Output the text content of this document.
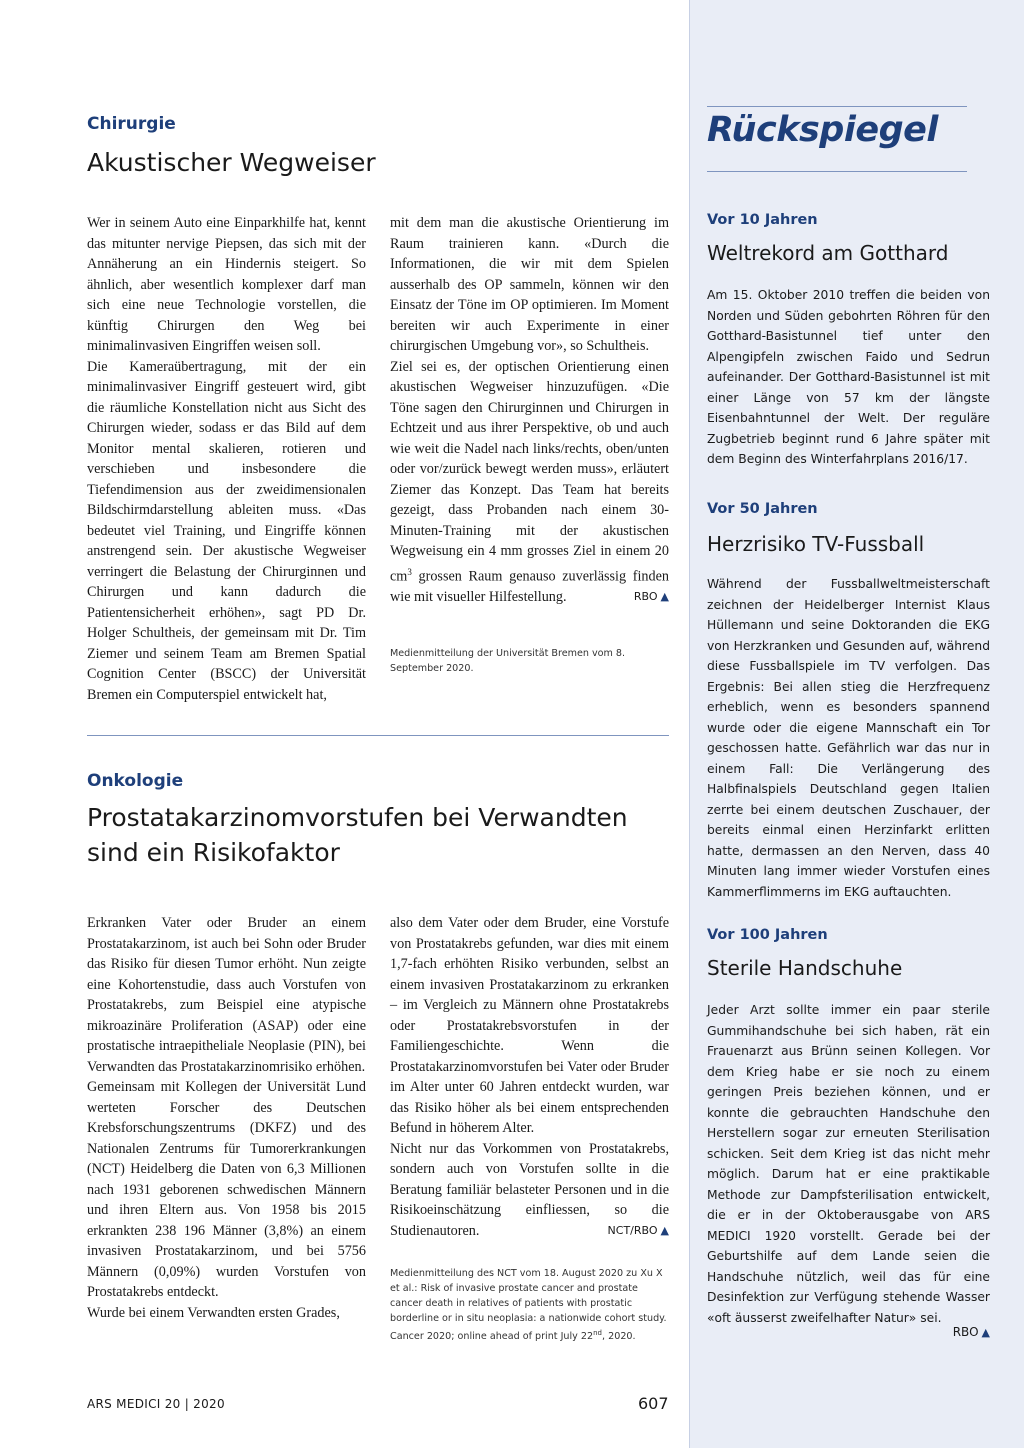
Chirurgie
Akustischer Wegweiser

Wer in seinem Auto eine Einparkhilfe hat, kennt das mitunter nervige Piepsen, das sich mit der Annäherung an ein Hindernis steigert. So ähnlich, aber wesentlich komplexer darf man sich eine neue Technologie vorstellen, die künftig Chirurgen den Weg bei minimalinvasiven Eingriffen weisen soll.

Die Kameraübertragung, mit der ein minimalinvasiver Eingriff gesteuert wird, gibt die räumliche Konstellation nicht aus Sicht des Chirurgen wieder, sodass er das Bild auf dem Monitor mental skalieren, rotieren und verschieben und insbesondere die Tiefendimension aus der zweidimensionalen Bildschirmdarstellung ableiten muss. «Das bedeutet viel Training, und Eingriffe können anstrengend sein. Der akustische Wegweiser verringert die Belastung der Chirurginnen und Chirurgen und kann dadurch die Patientensicherheit erhöhen», sagt PD Dr. Holger Schultheis, der gemeinsam mit Dr. Tim Ziemer und seinem Team am Bremen Spatial Cognition Center (BSCC) der Universität Bremen ein Computerspiel entwickelt hat,

mit dem man die akustische Orientierung im Raum trainieren kann. «Durch die Informationen, die wir mit dem Spielen ausserhalb des OP sammeln, können wir den Einsatz der Töne im OP optimieren. Im Moment bereiten wir auch Experimente in einer chirurgischen Umgebung vor», so Schultheis.

Ziel sei es, der optischen Orientierung einen akustischen Wegweiser hinzuzufügen. «Die Töne sagen den Chirurginnen und Chirurgen in Echtzeit und aus ihrer Perspektive, ob und auch wie weit die Nadel nach links/rechts, oben/unten oder vor/zurück bewegt werden muss», erläutert Ziemer das Konzept. Das Team hat bereits gezeigt, dass Probanden nach einem 30-Minuten-Training mit der akustischen Wegweisung ein 4 mm grosses Ziel in einem 20 $cm^3$ grossen Raum genauso zuverlässig finden wie mit visueller Hilfestellung.	RBO ▲

Medienmitteilung der Universität Bremen vom 8. September 2020.
Onkologie
Prostatakarzinomvorstufen bei Verwandten
sind ein Risikofaktor

Erkranken Vater oder Bruder an einem Prostatakarzinom, ist auch bei Sohn oder Bruder das Risiko für diesen Tumor erhöht. Nun zeigte eine Kohortenstudie, dass auch Vorstufen von Prostatakrebs, zum Beispiel eine atypische mikroazinäre Proliferation (ASAP) oder eine prostatische intraepitheliale Neoplasie (PIN), bei Verwandten das Prostatakarzinomrisiko erhöhen.

Gemeinsam mit Kollegen der Universität Lund werteten Forscher des Deutschen Krebsforschungszentrums (DKFZ) und des Nationalen Zentrums für Tumorerkrankungen (NCT) Heidelberg die Daten von 6,3 Millionen nach 1931 geborenen schwedischen Männern und ihren Eltern aus. Von 1958 bis 2015 erkrankten 238 196 Männer (3,8%) an einem invasiven Prostatakarzinom, und bei 5756 Männern (0,09%) wurden Vorstufen von Prostatakrebs entdeckt.

Wurde bei einem Verwandten ersten Grades,

also dem Vater oder dem Bruder, eine Vorstufe von Prostatakrebs gefunden, war dies mit einem 1,7-fach erhöhten Risiko verbunden, selbst an einem invasiven Prostatakarzinom zu erkranken – im Vergleich zu Männern ohne Prostatakrebs oder Prostatakrebsvorstufen in der Familiengeschichte. Wenn die Prostatakarzinomvorstufen bei Vater oder Bruder im Alter unter 60 Jahren entdeckt wurden, war das Risiko höher als bei einem entsprechenden Befund in höherem Alter.

Nicht nur das Vorkommen von Prostatakrebs, sondern auch von Vorstufen sollte in die Beratung familiär belasteter Personen und in die Risikoeinschätzung einfliessen, so die Studienautoren.	NCT/RBO ▲

Medienmitteilung des NCT vom 18. August 2020 zu Xu X et al.: Risk of invasive prostate cancer and prostate cancer death in relatives of patients with prostatic borderline or in situ neoplasia: a nationwide cohort study. Cancer 2020; online ahead of print July 22nd, 2020.
Rückspiegel
Vor 10 Jahren
Weltrekord am Gotthard
Am 15. Oktober 2010 treffen die beiden von Norden und Süden gebohrten Röhren für den Gotthard-Basistunnel tief unter den Alpengipfeln zwischen Faido und Sedrun aufeinander. Der Gotthard-Basistunnel ist mit einer Länge von 57 km der längste Eisenbahntunnel der Welt. Der reguläre Zugbetrieb beginnt rund 6 Jahre später mit dem Beginn des Winterfahrplans 2016/17.
Vor 50 Jahren
Herzrisiko TV-Fussball
Während der Fussballweltmeisterschaft zeichnen der Heidelberger Internist Klaus Hüllemann und seine Doktoranden die EKG von Herzkranken und Gesunden auf, während diese Fussballspiele im TV verfolgen. Das Ergebnis: Bei allen stieg die Herzfrequenz erheblich, wenn es besonders spannend wurde oder die eigene Mannschaft ein Tor geschossen hatte. Gefährlich war das nur in einem Fall: Die Verlängerung des Halbfinalspiels Deutschland gegen Italien zerrte bei einem deutschen Zuschauer, der bereits einmal einen Herzinfarkt erlitten hatte, dermassen an den Nerven, dass 40 Minuten lang immer wieder Vorstufen eines Kammerflimmerns im EKG auftauchten.
Vor 100 Jahren
Sterile Handschuhe
Jeder Arzt sollte immer ein paar sterile Gummihandschuhe bei sich haben, rät ein Frauenarzt aus Brünn seinen Kollegen. Vor dem Krieg habe er sie noch zu einem geringen Preis beziehen können, und er konnte die gebrauchten Handschuhe den Herstellern sogar zur erneuten Sterilisation schicken. Seit dem Krieg ist das nicht mehr möglich. Darum hat er eine praktikable Methode zur Dampfsterilisation entwickelt, die er in der Oktoberausgabe von ARS MEDICI 1920 vorstellt. Gerade bei der Geburtshilfe auf dem Lande seien die Handschuhe nützlich, weil das für eine Desinfektion zur Verfügung stehende Wasser «oft äusserst zweifelhafter Natur» sei.
RBO ▲
ARS MEDICI 20 | 2020	607
